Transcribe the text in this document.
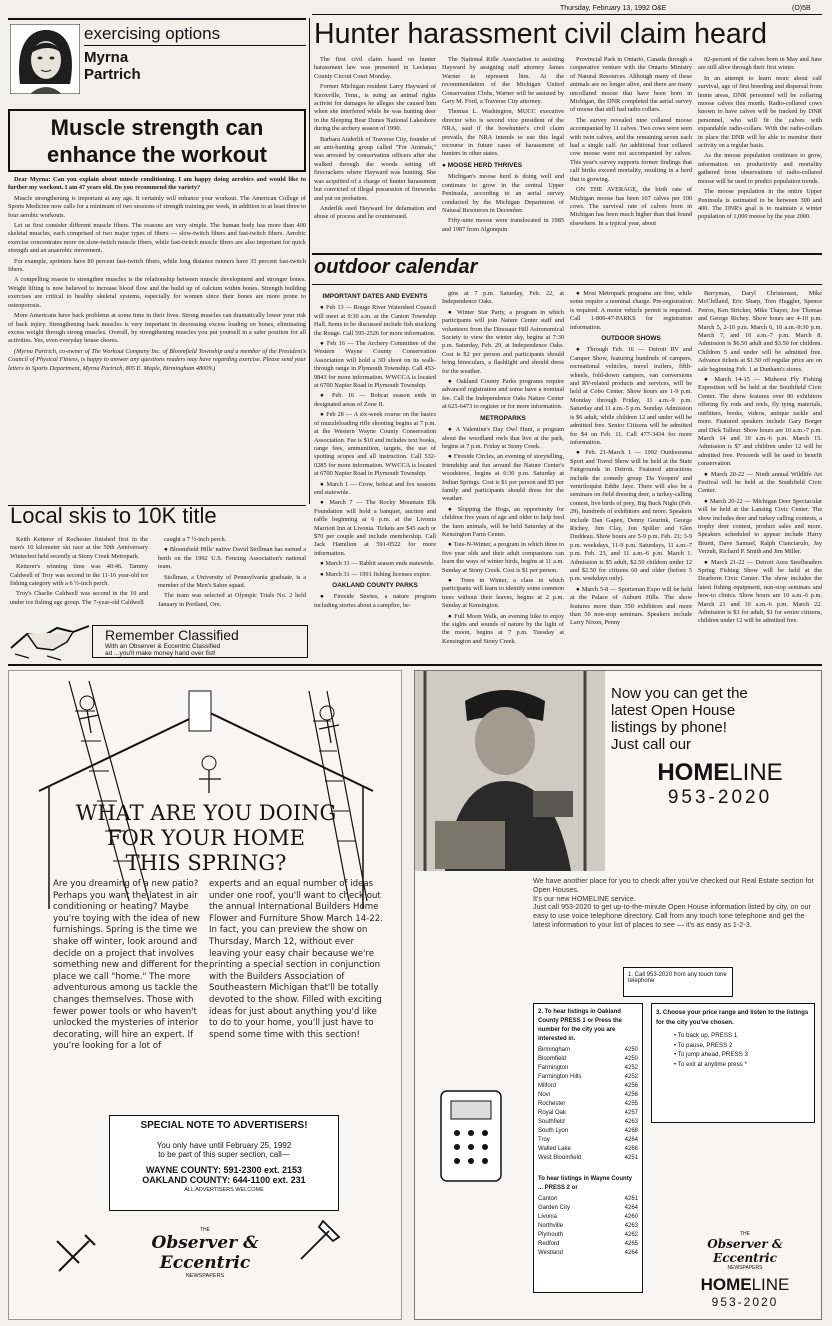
Thursday, February 13, 1992 O&E	(O)5B
exercising options
Myrna
Partrich
Muscle strength can enhance the workout

Dear Myrna: Can you explain about muscle conditioning. I am happy doing aerobics and would like to further my workout. I am 47 years old. Do you recommend the variety?

Muscle strengthening is important at any age. It certainly will enhance your workout. The American College of Sports Medicine now calls for a minimum of two sessions of strength training per week, in addition to at least three to four aerobic workouts.

Let us first consider different muscle fibers. The reasons are very simple. The human body has more than 400 skeletal muscles, each comprised of two major types of fibers — slow-twitch fibers and fast-twitch fibers. Aerobic exercise concentrates more on slow-twitch muscle fibers, while fast-twitch muscle fibers are also important for quick strength and an anaerobic movement.

For example, sprinters have 80 percent fast-twitch fibers, while long distance runners have 35 percent fast-twitch fibers.

A compelling reason to strengthen muscles is the relationship between muscle development and stronger bones. Weight lifting is now believed to increase blood flow and the build up of calcium within bones. Strength building exercises are critical to healthy skeletal systems, especially for women since their bones are more prone to osteoporosis.

More Americans have back problems at some time in their lives. Strong muscles can dramatically lower your risk of back injury. Strengthening back muscles is very important in decreasing excess loading on bones, eliminating excess weight through strong muscles. Overall, by strengthening muscles you put yourself in a safer position for all activities. Yes, even everyday house chores.

(Myrna Partrich, co-owner of The Workout Company Inc. of Bloomfield Township and a member of the President's Council of Physical Fitness, is happy to answer any questions readers may have regarding exercise. Please send your letters to Sports Department, Myrna Partrich, 805 E. Maple, Birmingham 48009.)

Hunter harassment civil claim heard

The first civil claim based on hunter harassment law was presented in Leelanau County Circuit Court Monday.

Former Michigan resident Larry Hayward of Knoxville, Tenn., is suing an animal rights activist for damages he alleges she caused him when she interfered while he was hunting deer in the Sleeping Bear Dunes National Lakeshore during the archery season of 1990.

Barbara Anderlik of Traverse City, founder of an anti-hunting group called "For Animals," was arrested by conservation officers after she walked through the woods setting off firecrackers where Hayward was hunting. She was acquitted of a charge of hunter harassment but convicted of illegal possession of fireworks and put on probation.

Anderlik sued Hayward for defamation and abuse of process and he countersued.

The National Rifle Association is assisting Hayward by assigning staff attorney James Warner to represent him. At the recommendation of the Michigan United Conservation Clubs, Warner will be assisted by Gary M. Ford, a Traverse City attorney.

Thomas L. Washington, MUCC executive director who is second vice president of the NRA, said if the bowhunter's civil claim prevails, the NRA intends to use this legal recourse in future cases of harassment of hunters in other states.

● MOOSE HERD THRIVES

Michigan's moose herd is doing well and continues to grow in the central Upper Peninsula, according to an aerial survey conducted by the Michigan Department of Natural Resources in December.

Fifty-nine moose were translocated in 1985 and 1987 from Algonquin

Provincial Park in Ontario, Canada through a cooperative venture with the Ontario Ministry of Natural Resources. Although many of these animals are no longer alive, and there are many uncollared moose that have been born in Michigan, the DNR completed the aerial survey of moose that still had radio collars.

The survey revealed nine collared moose accompanied by 11 calves. Two cows were seen with twin calves, and the remaining seven each had a single calf. An additional four collared cow moose were not accompanied by calves. This year's survey supports former findings that calf births exceed mortality, resulting in a herd that is growing.

ON THE AVERAGE, the birth rate of Michigan moose has been 107 calves per 100 cows. The survival rate of calves born in Michigan has been much higher than that found elsewhere. In a typical year, about

82-percent of the calves born in May and June are still alive through their first winter.

In an attempt to learn more about calf survival, age of first breeding and dispersal from home areas, DNR personnel will be collaring moose calves this month. Radio-collared cows known to have calves will be tracked by DNR personnel, who will fit the calves with expandable radio-collars. With the radio-collars in place the DNR will be able to monitor their activity on a regular basis.

As the moose population continues to grow, information on productivity and mortality gathered from observations of radio-collared moose will be used to predict population trends.

The moose population in the entire Upper Peninsula is estimated to be between 300 and 400. The DNR's goal is to maintain a winter population of 1,000 moose by the year 2000.

outdoor calendar
IMPORTANT DATES AND EVENTS

● Feb 13 — Rouge River Watershed Council will meet at 9:30 a.m. at the Canton Township Hall. Items to be discussed include fish stocking the Rouge. Call 595-2526 for more information.

● Feb 16 — The Archery Committee of the Western Wayne County Conservation Association will hold a 3D shoot on its walk-through range in Plymouth Township. Call 453-9843 for more information. WWCCA is located at 6700 Napier Road in Plymouth Township.

● Feb. 16 — Bobcat season ends in designated areas of Zone II.

● Feb 28 — A six-week course on the basics of muzzleloading rifle shooting begins at 7 p.m. at the Western Wayne County Conservation Association. Fee is $10 and includes text books, range fees, ammunition, targets, the use of spotting scopes and all instruction. Call 532-0285 for more information. WWCCA is located at 6700 Napier Road in Plymouth Township.

● March 1 — Crow, bobcat and fox seasons end statewide.

● March 7 — The Rocky Mountain Elk Foundation will hold a banquet, auction and raffle beginning at 6 p.m. at the Livonia Marriott Inn at Livonia. Tickets are $45 each or $70 per couple and include membership. Call Jack Hamilton at 591-0522 for more information.

● March 31 — Rabbit season ends statewide.

● March 31 — 1991 fishing licenses expire.

OAKLAND COUNTY PARKS

● Fireside Stories, a nature program including stories about a campfire, be-

gins at 7 p.m. Saturday, Feb. 22, at Independence Oaks.

● Winter Star Party, a program in which participants will join Nature Center staff and volunteers from the Dinosaur Hill Astronomical Society to view the winter sky, begins at 7:30 p.m. Saturday, Feb. 29, at Independence Oaks. Cost is $2 per person and participants should bring binoculars, a flashlight and should dress for the weather.

● Oakland County Parks programs require advanced registration and some have a nominal fee. Call the Independence Oaks Nature Center at 625-6473 to register or for more information.

METROPARKS

● A Valentine's Day Owl Hunt, a program about the woodland owls that live at the park, begins at 7 p.m. Friday at Stony Creek.

● Fireside Circles, an evening of storytelling, friendship and fun around the Nature Center's woodstove, begins at 6:30 p.m. Saturday at Indian Springs. Cost is $1 per person and $5 per family and participants should dress for the weather.

● Slopping the Hogs, an opportunity for children five years of age and older to help feed the farm animals, will be held Saturday at the Kensington Farm Center.

● Tots-N-Winter, a program in which three to five year olds and their adult companions can learn the ways of winter birds, begins at 11 a.m. Sunday at Stony Creek. Cost is $1 per person.

● Trees in Winter, a class in which participants will learn to identify some common trees without their leaves, begins at 2 p.m. Sunday at Kensington.

● Full Moon Walk, an evening hike to enjoy the sights and sounds of nature by the light of the moon, begins at 7 p.m. Tuesday at Kensington and Stony Creek.

● Most Metropark programs are free, while some require a nominal charge. Pre-registration is required. A motor vehicle permit is required. Call 1-800-47-PARKS for registration information.

OUTDOOR SHOWS

● Through Feb. 16 — Detroit RV and Camper Show, featuring hundreds of campers, recreational vehicles, travel trailers, fifth-wheels, fold-down campers, van conversions and RV-related products and services, will be held at Cobo Center. Show hours are 1-9 p.m. Monday through Friday, 11 a.m.-9 p.m. Saturday and 11 a.m.-5 p.m. Sunday. Admission is $6 adult, while children 12 and under will be admitted free. Senior Citizens will be admitted for $4 on Feb. 11. Call 477-3434 for more information.

● Feb. 21-March 1 — 1992 Outdoorama Sport and Travel Show will be held at the State Fairgrounds in Detroit. Featured attractions include the comedy group 'Da Yoopers' and ventriloquist Eddie Jaye. There will also be a seminars on field dressing deer, a turkey-calling contest, live birds of prey, Big Buck Night (Feb. 29), hundreds of exhibitors and more. Speakers include Dan Gapen, Denny Geurink, George Richey, Jim Clay, Jon Spiller and Glen Duddeau. Show hours are 5-9 p.m. Feb. 21; 3-9 p.m. weekdays, 11-9 p.m. Saturdays, 11 a.m.-7 p.m. Feb. 23, and 11 a.m.-6 p.m. March 1. Admission is $5 adult, $2.50 children under 12 and $2.50 for citizens 60 and older (before 5 p.m. weekdays only).

● March 5-8 — Sportsman Expo will be held at the Palace of Auburn Hills. The show features more than 350 exhibitors and more than 50 non-stop seminars. Speakers include Larry Nixon, Penny

Berryman, Daryl Christensen, Mike McClelland, Eric Sharp, Tom Huggler, Spence Petros, Ken Stricker, Mike Thayer, Joe Thomas and George Richey. Show hours are 4-10 p.m. March 5, 2-10 p.m. March 6, 10 a.m.-9:30 p.m. March 7, and 10 a.m.-7 p.m. March 8. Admission is $6.50 adult and $3.50 for children. Children 5 and under will be admitted free. Advance tickets at $1.50 off regular price are on sale beginning Feb. 1 at Dunham's stores.

● March 14-15 — Midwest Fly Fishing Exposition will be held at the Southfield Civic Center. The show features over 80 exhibitors offering fly rods and reels, fly tying materials, outfitters, books, videos, antique tackle and more. Featured speakers include Gary Borger and Dick Talleur. Show hours are 10 a.m.-7 p.m. March 14 and 10 a.m.-6 p.m. March 15. Admission is $7 and children under 12 will be admitted free. Proceeds will be used to benefit conservation.

● March 20-22 — Ninth annual Wildlife Art Festival will be held at the Southfield Civic Center.

● March 20-22 — Michigan Deer Spectacular will be held at the Lansing Civic Center. The show includes deer and turkey calling contests, a trophy deer contest, product sales and more. Speakers scheduled to appear include Harry Bruett, Dave Samuel, Ralph Cianciarulo, Jay Verzuh, Richard P. Smith and Jim Miller.

● March 21-22 — Detroit Area Steelheaders Spring Fishing Show will be held at the Dearborn Civic Center. The show includes the latest fishing equipment, non-stop seminars and how-to clinics. Show hours are 10 a.m.-6 p.m. March 21 and 10 a.m.-6 p.m. March 22. Admission is $3 for adult, $1 for senior citizens, children under 12 will be admitted free.

Local skis to 10K title

Keith Ketterer of Rochester finished first in the men's 10 kilometer ski race at the 50th Anniversary Winterfest held recently at Stony Creek Metropark.

Ketterer's winning time was 40:46. Tammy Caldwell of Troy was second in the 11-16 year-old ice fishing category with a 6 ½-inch perch.

Troy's Charlie Caldwell was second in the 10 and under ice fishing age group. The 7-year-old Caldwell

caught a 7 ½-inch perch.

● Bloomfield Hills' native David Stollman has earned a berth on the 1992 U.S. Fencing Association's national team.

Stollman, a University of Pennsylvania graduate, is a member of the Men's Sabre squad.

The team was selected at Olympic Trials No. 2 held January in Portland, Ore.

Remember Classified
With an Observer & Eccentric Classified
ad ...you'll make money hand over fist!
WHAT ARE YOU DOING
FOR YOUR HOME
THIS SPRING?
Are you dreaming of a new patio? Perhaps you want the latest in air conditioning or heating? Maybe you're toying with the idea of new furnishings. Spring is the time we shake off winter, look around and decide on a project that involves something new and different for the place we call "home." The more adventurous among us tackle the changes themselves. Those with fewer power tools or who haven't unlocked the mysteries of interior decorating, will hire an expert. If you're looking for a lot of
experts and an equal number of ideas under one roof, you'll want to check out the annual International Builders Home Flower and Furniture Show March 14-22. In fact, you can preview the show on Thursday, March 12, without ever leaving your easy chair because we're printing a special section in conjunction with the Builders Association of Southeastern Michigan that'll be totally devoted to the show. Filled with exciting ideas for just about anything you'd like to do to your home, you'll just have to spend some time with this section!
SPECIAL NOTE TO ADVERTISERS!
You only have until February 25, 1992
to be part of this super section, call—
WAYNE COUNTY: 591-2300 ext. 2153
OAKLAND COUNTY: 644-1100 ext. 231
ALL ADVERTISERS WELCOME
THE
Observer & Eccentric
NEWSPAPERS
Now you can get the
latest Open House
listings by phone!
Just call our
HOMELINE
953-2020
We have another place for you to check after you've checked our Real Estate section for Open Houses.
It's our new HOMELINE service.
Just call 953-2020 to get up-to-the-minute Open House information listed by city, on our easy to use voice telephone directory. Call from any touch tone telephone and get the latest information to your list of places to see — it's as easy as 1-2-3.
1. Call 953-2020 from any touch tone telephone
2. To hear listings in Oakland County PRESS 1 or Press the number for the city you are interested in.
Birmingham	4250
Bloomfield	4250
Farmington	4252
Farmington Hills	4252
Milford	4256
Novi	4256
Rochester	4255
Royal Oak	4257
Southfield	4263
South Lyon	4268
Troy	4264
Walled Lake	4266
West Bloomfield	4251
To hear listings in Wayne County ... PRESS 2 or
Canton	4261
Garden City	4264
Livonia	4260
Northville	4263
Plymouth	4262
Redford	4265
Westland	4264
3. Choose your price range and listen to the listings for the city you've chosen.
• To back up, PRESS 1
• To pause, PRESS 2
• To jump ahead, PRESS 3
• To exit at anytime press *
THE
Observer & Eccentric
NEWSPAPERS
HOMELINE
953-2020
